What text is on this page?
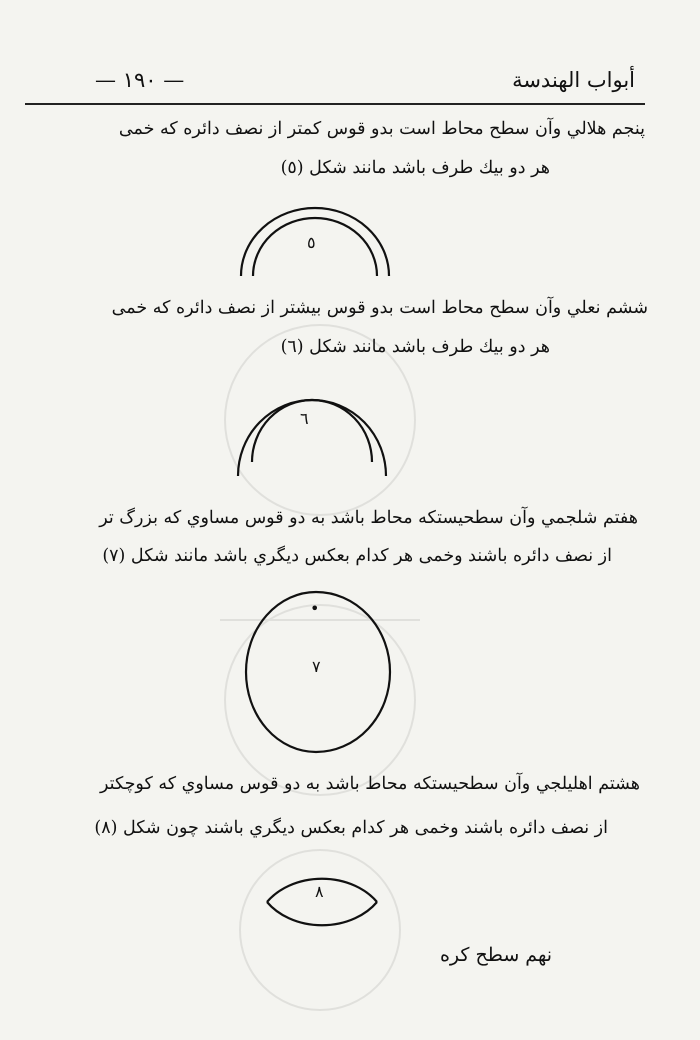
أبواب الهندسة
— ١٩٠ —
پنجم هلالي وآن سطح محاط است بدو قوس كمتر از نصف دائره كه خمی
هر دو بيك طرف باشد مانند شكل (٥)
٥
ششم نعلي وآن سطح محاط است بدو قوس بيشتر از نصف دائره كه خمی
هر دو بيك طرف باشد مانند شكل (٦)
٦
هفتم شلجمي وآن سطحيستكه محاط باشد به دو قوس مساوي كه بزرگ تر
از نصف دائره باشند وخمی هر كدام بعكس ديگري باشد مانند شكل (٧)
•
٧
هشتم اهليلجي وآن سطحيستكه محاط باشد به دو قوس مساوي كه كوچكتر
از نصف دائره باشند وخمی هر كدام بعكس ديگري باشند چون شكل (٨)
٨
نهم سطح كره
